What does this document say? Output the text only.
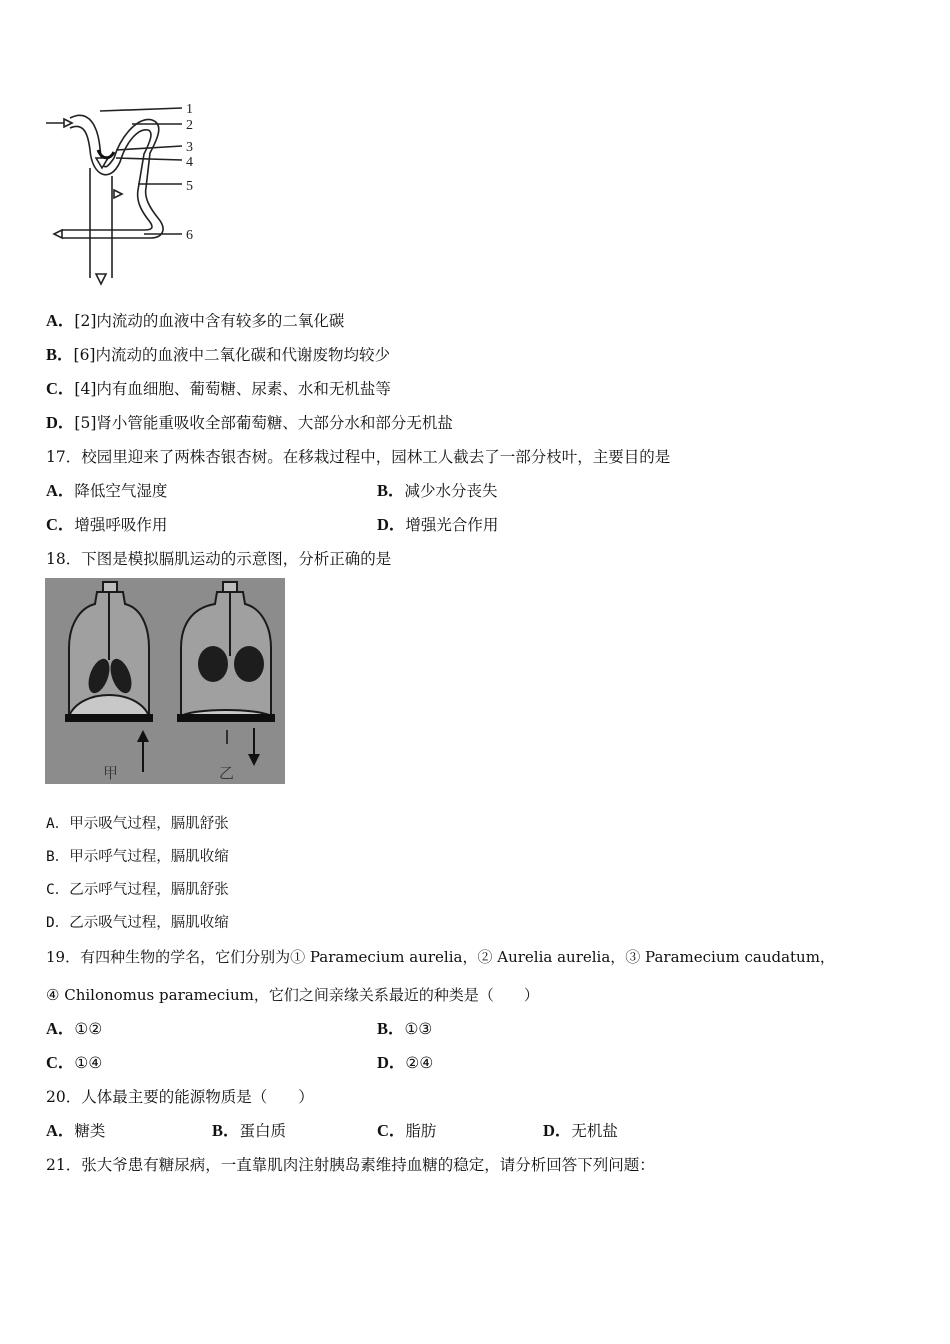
1
2
3
4
5
6
A．[2]内流动的血液中含有较多的二氧化碳
B．[6]内流动的血液中二氧化碳和代谢废物均较少
C．[4]内有血细胞、葡萄糖、尿素、水和无机盐等
D．[5]肾小管能重吸收全部葡萄糖、大部分水和部分无机盐
17．校园里迎来了两株杏银杏树。在移栽过程中，园林工人截去了一部分枝叶，主要目的是
A．降低空气湿度	B．减少水分丧失
C．增强呼吸作用	D．增强光合作用
18．下图是模拟膈肌运动的示意图，分析正确的是
甲	乙
A．甲示吸气过程，膈肌舒张
B．甲示呼气过程，膈肌收缩
C．乙示呼气过程，膈肌舒张
D．乙示吸气过程，膈肌收缩
19．有四种生物的学名，它们分别为① Paramecium aurelia，② Aurelia aurelia，③ Paramecium caudatum，
④ Chilonomus paramecium，它们之间亲缘关系最近的种类是（　　）
A．①②	B．①③
C．①④	D．②④
20．人体最主要的能源物质是（　　）
A．糖类	B．蛋白质	C．脂肪	D．无机盐
21．张大爷患有糖尿病，一直靠肌肉注射胰岛素维持血糖的稳定，请分析回答下列问题：
